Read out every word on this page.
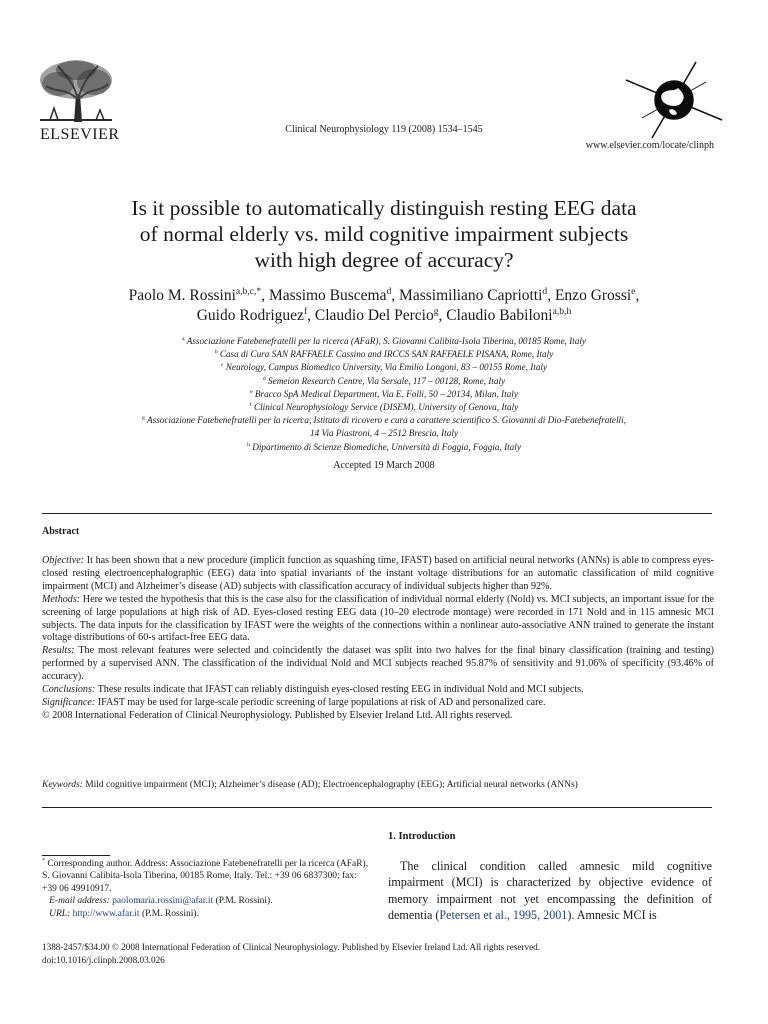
ELSEVIER	Clinical Neurophysiology 119 (2008) 1534–1545
www.elsevier.com/locate/clinph
Is it possible to automatically distinguish resting EEG data
of normal elderly vs. mild cognitive impairment subjects
with high degree of accuracy?
Paolo M. Rossini$^{a,b,c,*}$, Massimo Buscema$^d$, Massimiliano Capriotti$^d$, Enzo Grossi$^e$,
Guido Rodriguez$^f$, Claudio Del Percio$^g$, Claudio Babiloni$^{a,b,h}$
$^a$ Associazione Fatebenefratelli per la ricerca (AFaR), S. Giovanni Calibita-Isola Tiberina, 00185 Rome, Italy
$^b$ Casa di Cura SAN RAFFAELE Cassino and IRCCS SAN RAFFAELE PISANA, Rome, Italy
$^c$ Neurology, Campus Biomedico University, Via Emilio Longoni, 83 – 00155 Rome, Italy
$^d$ Semeion Research Centre, Via Sersale, 117 – 00128, Rome, Italy
$^e$ Bracco SpA Medical Department, Via E. Folli, 50 – 20134, Milan, Italy
$^f$ Clinical Neurophysiology Service (DISEM), University of Genova, Italy
$^g$ Associazione Fatebenefratelli per la ricerca, Istituto di ricovero e cura a carattere scientifico S. Giovanni di Dio-Fatebenefratelli,
14 Via Piastroni, 4 – 2512 Brescia, Italy
$^h$ Dipartimento di Scienze Biomediche, Università di Foggia, Foggia, Italy
Accepted 19 March 2008
Abstract

Objective: It has been shown that a new procedure (implicit function as squashing time, IFAST) based on artificial neural networks (ANNs) is able to compress eyes-closed resting electroencephalographic (EEG) data into spatial invariants of the instant voltage distributions for an automatic classification of mild cognitive impairment (MCI) and Alzheimer’s disease (AD) subjects with classification accuracy of individual subjects higher than 92%.

Methods: Here we tested the hypothesis that this is the case also for the classification of individual normal elderly (Nold) vs. MCI subjects, an important issue for the screening of large populations at high risk of AD. Eyes-closed resting EEG data (10–20 electrode montage) were recorded in 171 Nold and in 115 amnesic MCI subjects. The data inputs for the classification by IFAST were the weights of the connections within a nonlinear auto-associative ANN trained to generate the instant voltage distributions of 60-s artifact-free EEG data.

Results: The most relevant features were selected and coincidently the dataset was split into two halves for the final binary classification (training and testing) performed by a supervised ANN. The classification of the individual Nold and MCI subjects reached 95.87% of sensitivity and 91.06% of specificity (93.46% of accuracy).

Conclusions: These results indicate that IFAST can reliably distinguish eyes-closed resting EEG in individual Nold and MCI subjects.

Significance: IFAST may be used for large-scale periodic screening of large populations at risk of AD and personalized care.

© 2008 International Federation of Clinical Neurophysiology. Published by Elsevier Ireland Ltd. All rights reserved.

Keywords: Mild cognitive impairment (MCI); Alzheimer’s disease (AD); Electroencephalography (EEG); Artificial neural networks (ANNs)
1. Introduction

The clinical condition called amnesic mild cognitive impairment (MCI) is characterized by objective evidence of memory impairment not yet encompassing the definition of dementia (Petersen et al., 1995, 2001). Amnesic MCI is

* Corresponding author. Address: Associazione Fatebenefratelli per la ricerca (AFaR), S. Giovanni Calibita-Isola Tiberina, 00185 Rome, Italy. Tel.: +39 06 6837300; fax: +39 06 49910917.

E-mail address: paolomaria.rossini@afar.it (P.M. Rossini).

URL: http://www.afar.it (P.M. Rossini).

1388-2457/$34.00 © 2008 International Federation of Clinical Neurophysiology. Published by Elsevier Ireland Ltd. All rights reserved.
doi:10.1016/j.clinph.2008.03.026
